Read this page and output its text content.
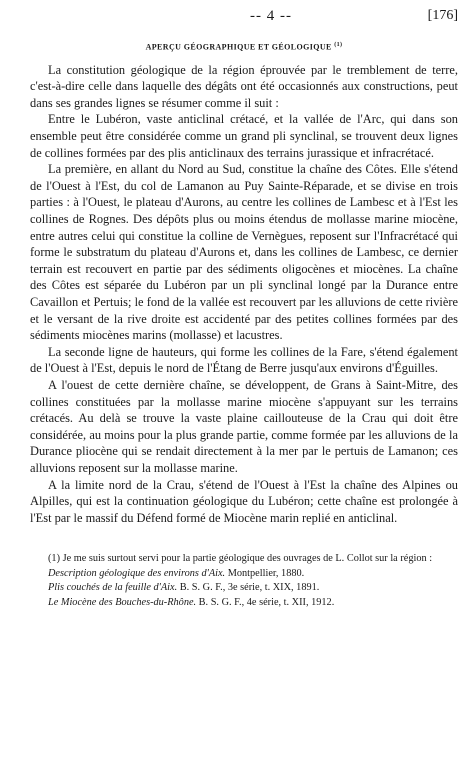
-- 4 --	[176]
APERÇU GÉOGRAPHIQUE ET GÉOLOGIQUE $^{(1)}$

La constitution géologique de la région éprouvée par le tremblement de terre, c'est-à-dire celle dans laquelle des dégâts ont été occasionnés aux constructions, peut dans ses grandes lignes se résumer comme il suit :

Entre le Lubéron, vaste anticlinal crétacé, et la vallée de l'Arc, qui dans son ensemble peut être considérée comme un grand pli synclinal, se trouvent deux lignes de collines formées par des plis anticlinaux des terrains jurassique et infracrétacé.

La première, en allant du Nord au Sud, constitue la chaîne des Côtes. Elle s'étend de l'Ouest à l'Est, du col de Lamanon au Puy Sainte-Réparade, et se divise en trois parties : à l'Ouest, le plateau d'Aurons, au centre les collines de Lambesc et à l'Est les collines de Rognes. Des dépôts plus ou moins étendus de mollasse marine miocène, entre autres celui qui constitue la colline de Vernègues, reposent sur l'Infracrétacé qui forme le substratum du plateau d'Aurons et, dans les collines de Lambesc, ce dernier terrain est recouvert en partie par des sédiments oligocènes et miocènes. La chaîne des Côtes est séparée du Lubéron par un pli synclinal longé par la Durance entre Cavaillon et Pertuis; le fond de la vallée est recouvert par les alluvions de cette rivière et le versant de la rive droite est accidenté par des petites collines formées par des sédiments miocènes marins (mollasse) et lacustres.

La seconde ligne de hauteurs, qui forme les collines de la Fare, s'étend également de l'Ouest à l'Est, depuis le nord de l'Étang de Berre jusqu'aux environs d'Éguilles.

A l'ouest de cette dernière chaîne, se développent, de Grans à Saint-Mitre, des collines constituées par la mollasse marine miocène s'appuyant sur les terrains crétacés. Au delà se trouve la vaste plaine caillouteuse de la Crau qui doit être considérée, au moins pour la plus grande partie, comme formée par les alluvions de la Durance pliocène qui se rendait directement à la mer par le pertuis de Lamanon; ces alluvions reposent sur la mollasse marine.

A la limite nord de la Crau, s'étend de l'Ouest à l'Est la chaîne des Alpines ou Alpilles, qui est la continuation géologique du Lubéron; cette chaîne est prolongée à l'Est par le massif du Défend formé de Miocène marin replié en anticlinal.

(1) Je me suis surtout servi pour la partie géologique des ouvrages de L. Collot sur la région :

Description géologique des environs d'Aix. Montpellier, 1880.

Plis couchés de la feuille d'Aix. B. S. G. F., 3e série, t. XIX, 1891.

Le Miocène des Bouches-du-Rhône. B. S. G. F., 4e série, t. XII, 1912.
